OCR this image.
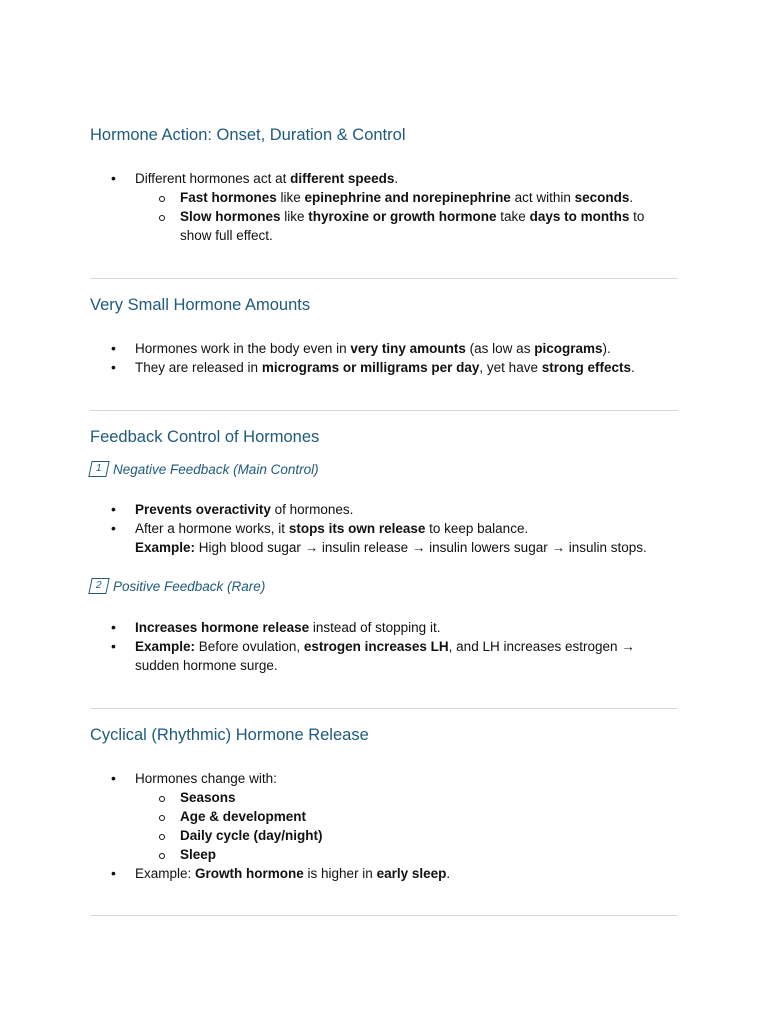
Hormone Action: Onset, Duration & Control
• Different hormones act at different speeds.
Fast hormones like epinephrine and norepinephrine act within seconds.
Slow hormones like thyroxine or growth hormone take days to months to show full effect.
Very Small Hormone Amounts
• Hormones work in the body even in very tiny amounts (as low as picograms).
• They are released in micrograms or milligrams per day, yet have strong effects.
Feedback Control of Hormones
1 Negative Feedback (Main Control)
• Prevents overactivity of hormones.
• After a hormone works, it stops its own release to keep balance.
Example: High blood sugar → insulin release → insulin lowers sugar → insulin stops.
2 Positive Feedback (Rare)
• Increases hormone release instead of stopping it.
• Example: Before ovulation, estrogen increases LH, and LH increases estrogen → sudden hormone surge.
Cyclical (Rhythmic) Hormone Release
• Hormones change with:
Seasons
Age & development
Daily cycle (day/night)
Sleep
• Example: Growth hormone is higher in early sleep.
